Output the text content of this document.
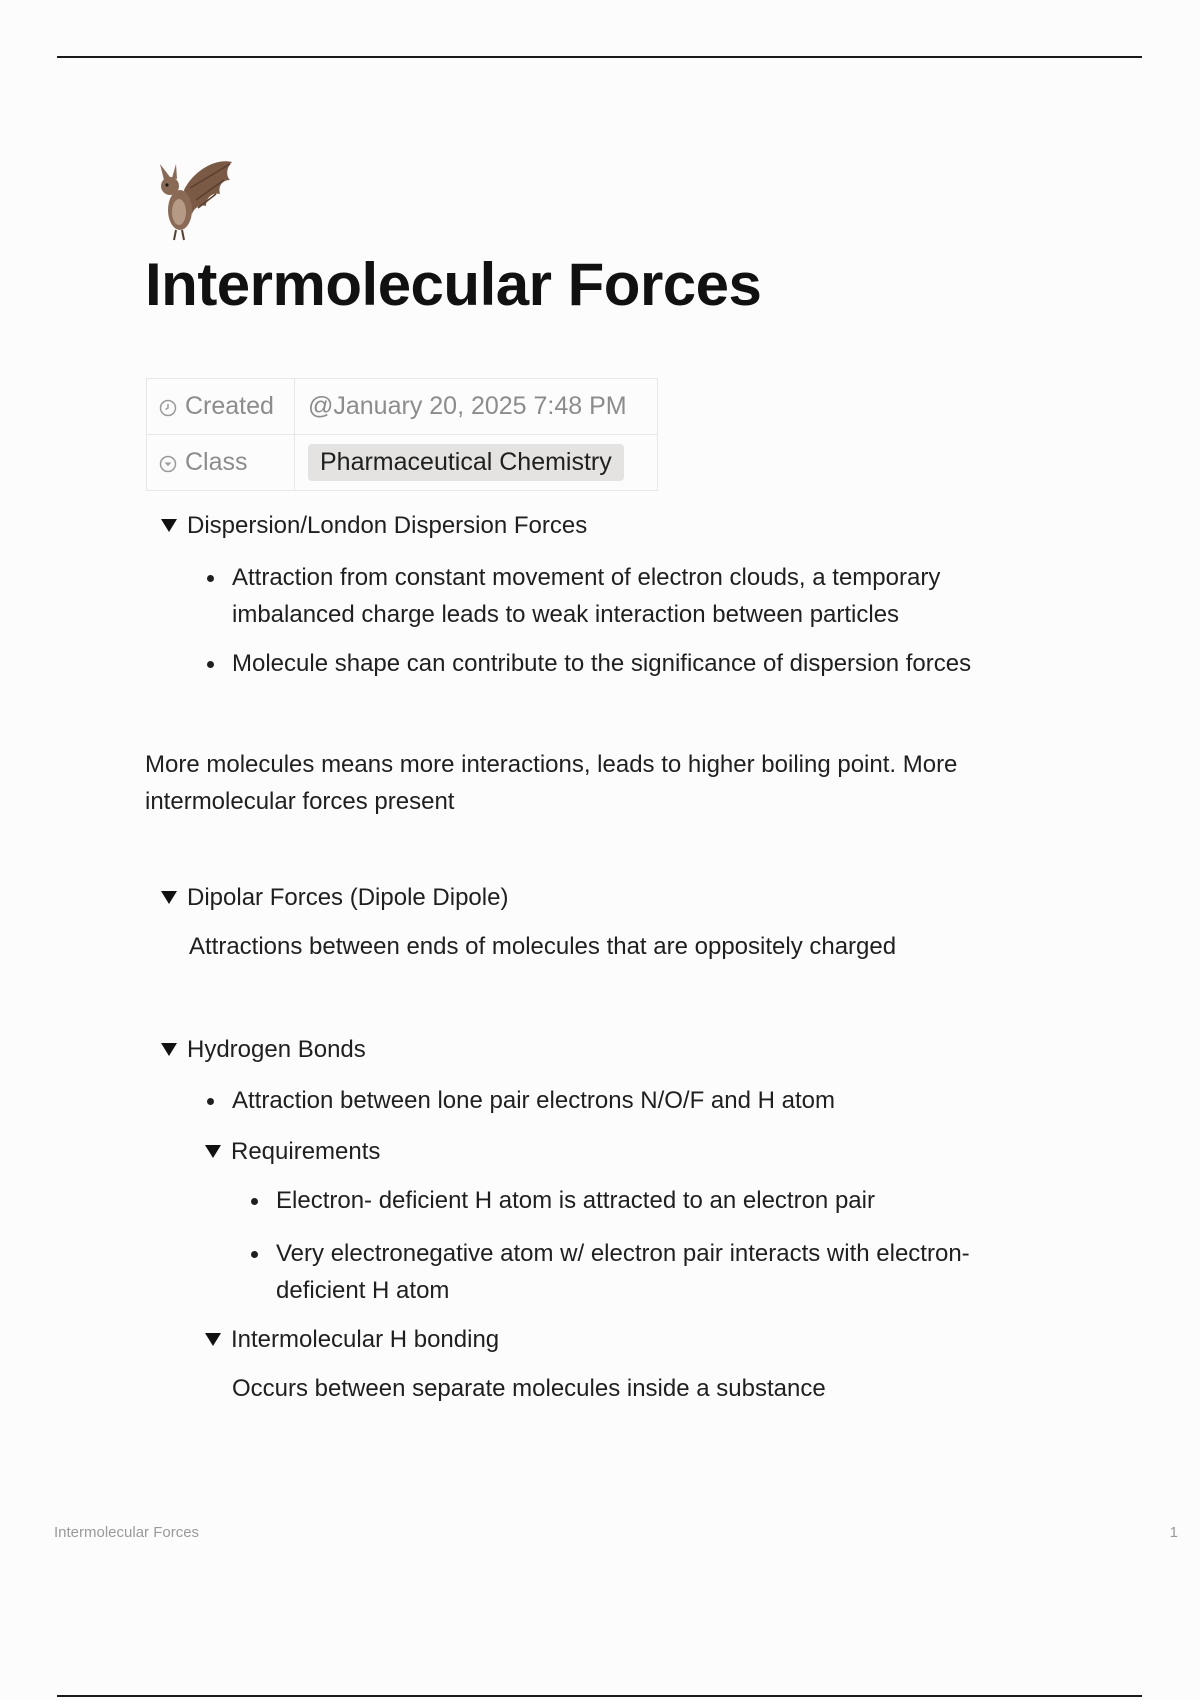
Intermolecular Forces
Created	@January 20, 2025 7:48 PM
Class	Pharmaceutical Chemistry
Dispersion/London Dispersion Forces
Attraction from constant movement of electron clouds, a temporary imbalanced charge leads to weak interaction between particles
Molecule shape can contribute to the significance of dispersion forces
More molecules means more interactions, leads to higher boiling point. More intermolecular forces present
Dipolar Forces (Dipole Dipole)
Attractions between ends of molecules that are oppositely charged
Hydrogen Bonds
Attraction between lone pair electrons N/O/F and H atom
Requirements
Electron- deficient H atom is attracted to an electron pair
Very electronegative atom w/ electron pair interacts with electron-deficient H atom
Intermolecular H bonding
Occurs between separate molecules inside a substance
Intermolecular Forces	1
